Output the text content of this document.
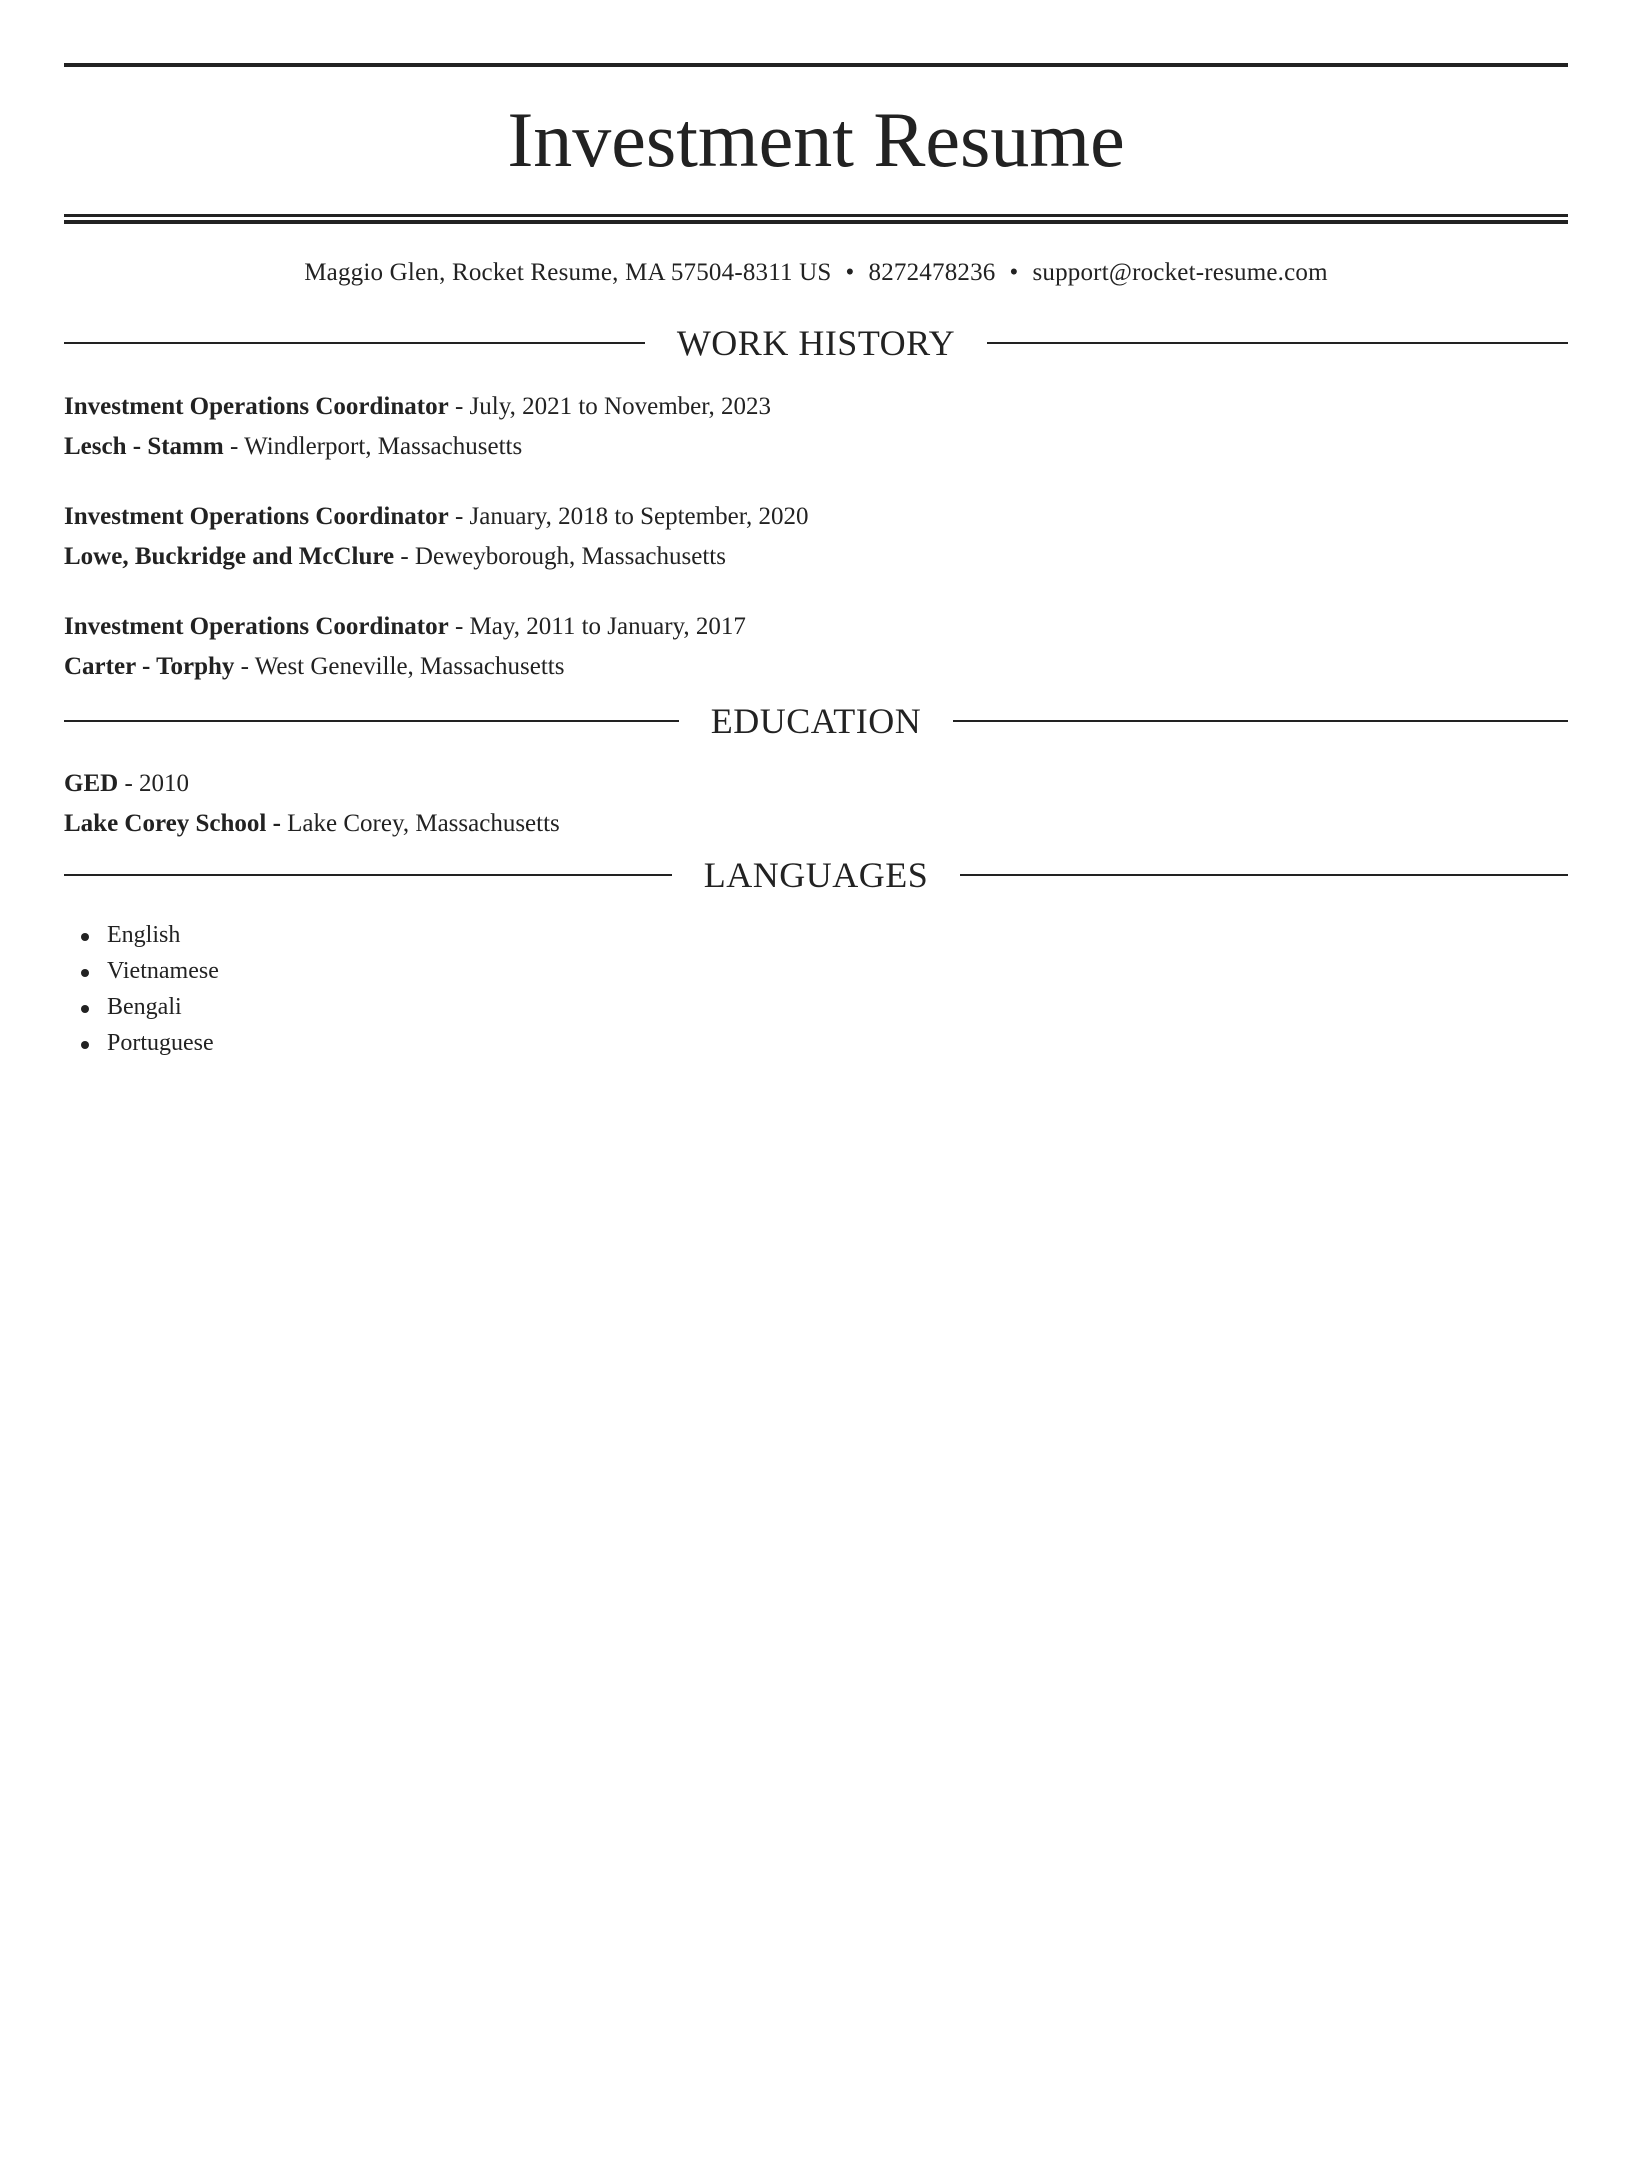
Investment Resume
Maggio Glen, Rocket Resume, MA 57504-8311 US • 8272478236 • support@rocket-resume.com
WORK HISTORY
Investment Operations Coordinator - July, 2021 to November, 2023
Lesch - Stamm - Windlerport, Massachusetts
Investment Operations Coordinator - January, 2018 to September, 2020
Lowe, Buckridge and McClure - Deweyborough, Massachusetts
Investment Operations Coordinator - May, 2011 to January, 2017
Carter - Torphy - West Geneville, Massachusetts
EDUCATION
GED - 2010
Lake Corey School - Lake Corey, Massachusetts
LANGUAGES
English
Vietnamese
Bengali
Portuguese
